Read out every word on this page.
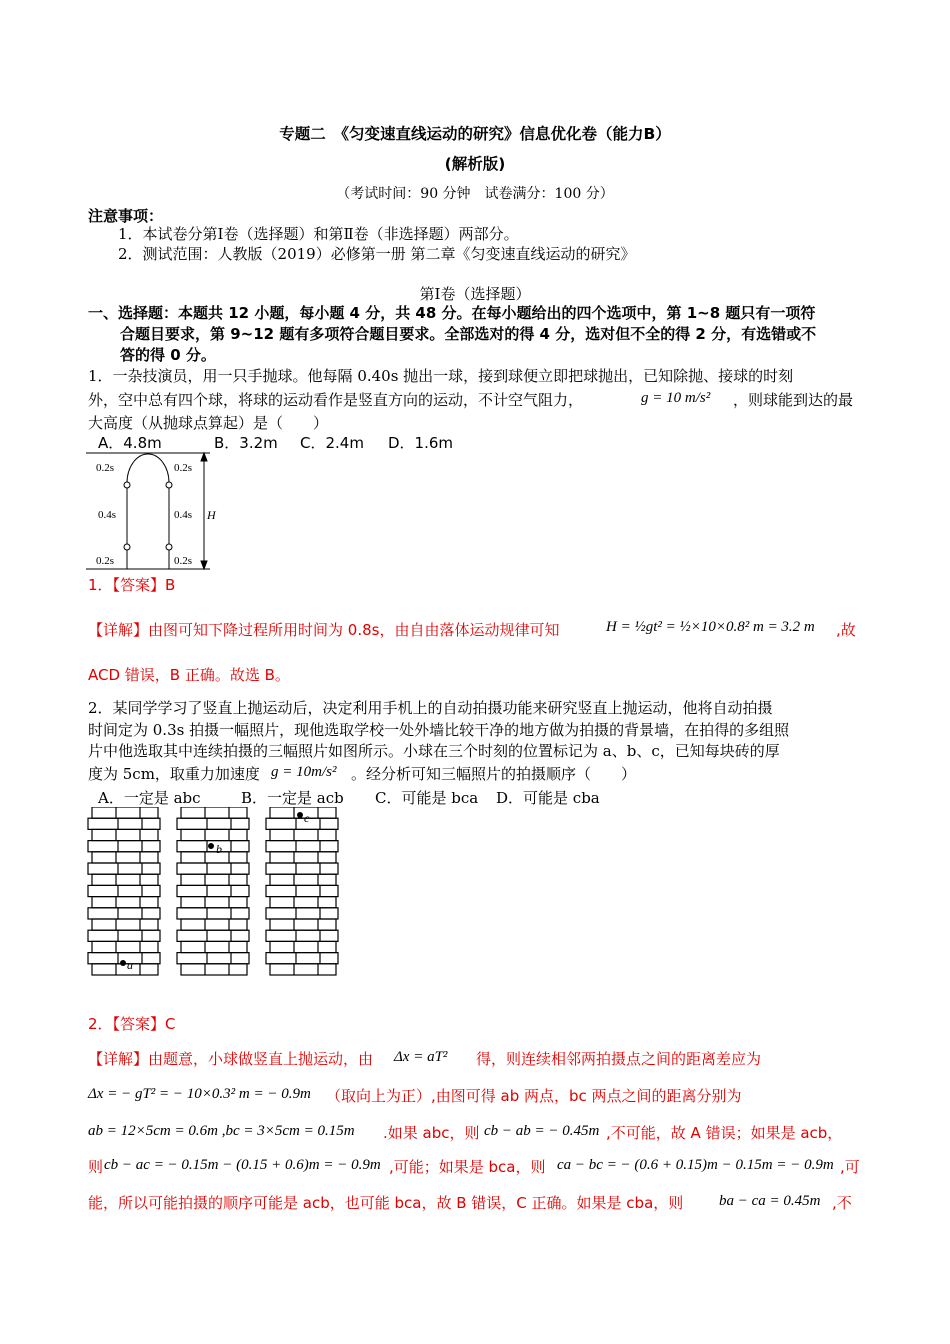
专题二　《匀变速直线运动的研究》信息优化卷（能力B）
(解析版)
（考试时间：90 分钟　试卷满分：100 分）
注意事项：
1．本试卷分第Ⅰ卷（选择题）和第Ⅱ卷（非选择题）两部分。
2．测试范围：人教版（2019）必修第一册 第二章《匀变速直线运动的研究》
第Ⅰ卷（选择题）
一、选择题：本题共 12 小题，每小题 4 分，共 48 分。在每小题给出的四个选项中，第 1~8 题只有一项符
合题目要求，第 9~12 题有多项符合题目要求。全部选对的得 4 分，选对但不全的得 2 分，有选错或不
答的得 0 分。
1．一杂技演员，用一只手抛球。他每隔 0.40s 抛出一球，接到球便立即把球抛出，已知除抛、接球的时刻
外，空中总有四个球，将球的运动看作是竖直方向的运动，不计空气阻力，	g = 10 m/s² ，则球能到达的最
大高度（从抛球点算起）是（　　）
A．4.8m	B．3.2m C．2.4m D．1.6m
0.2s	0.2s
0.4s	0.4s
0.2s	0.2s
H
1．【答案】B
【详解】由图可知下降过程所用时间为 0.8s，由自由落体运动规律可知	H = ½gt² = ½×10×0.8² m = 3.2 m ,故
ACD 错误，B 正确。故选 B。
2．某同学学习了竖直上抛运动后，决定利用手机上的自动拍摄功能来研究竖直上抛运动，他将自动拍摄
时间定为 0.3s 拍摄一幅照片，现他选取学校一处外墙比较干净的地方做为拍摄的背景墙，在拍得的多组照
片中他选取其中连续拍摄的三幅照片如图所示。小球在三个时刻的位置标记为 a、b、c，已知每块砖的厚
度为 5cm，取重力加速度 g = 10m/s² 。经分析可知三幅照片的拍摄顺序（　　）
A．一定是 abc	B．一定是 acb C．可能是 bca D．可能是 cba
a
b
c
2．【答案】C
【详解】由题意，小球做竖直上抛运动，由 Δx = aT² 得，则连续相邻两拍摄点之间的距离差应为
Δx = − gT² = − 10×0.3² m = − 0.9m （取向上为正）,由图可得 ab 两点，bc 两点之间的距离分别为
ab = 12×5cm = 0.6m ,bc = 3×5cm = 0.15m .如果 abc，则 cb − ab = − 0.45m ,不可能，故 A 错误；如果是 acb，
则 cb − ac = − 0.15m − (0.15 + 0.6)m = − 0.9m ,可能；如果是 bca，则 ca − bc = − (0.6 + 0.15)m − 0.15m = − 0.9m ,可
能，所以可能拍摄的顺序可能是 acb，也可能 bca，故 B 错误，C 正确。如果是 cba，则 ba − ca = 0.45m ,不
